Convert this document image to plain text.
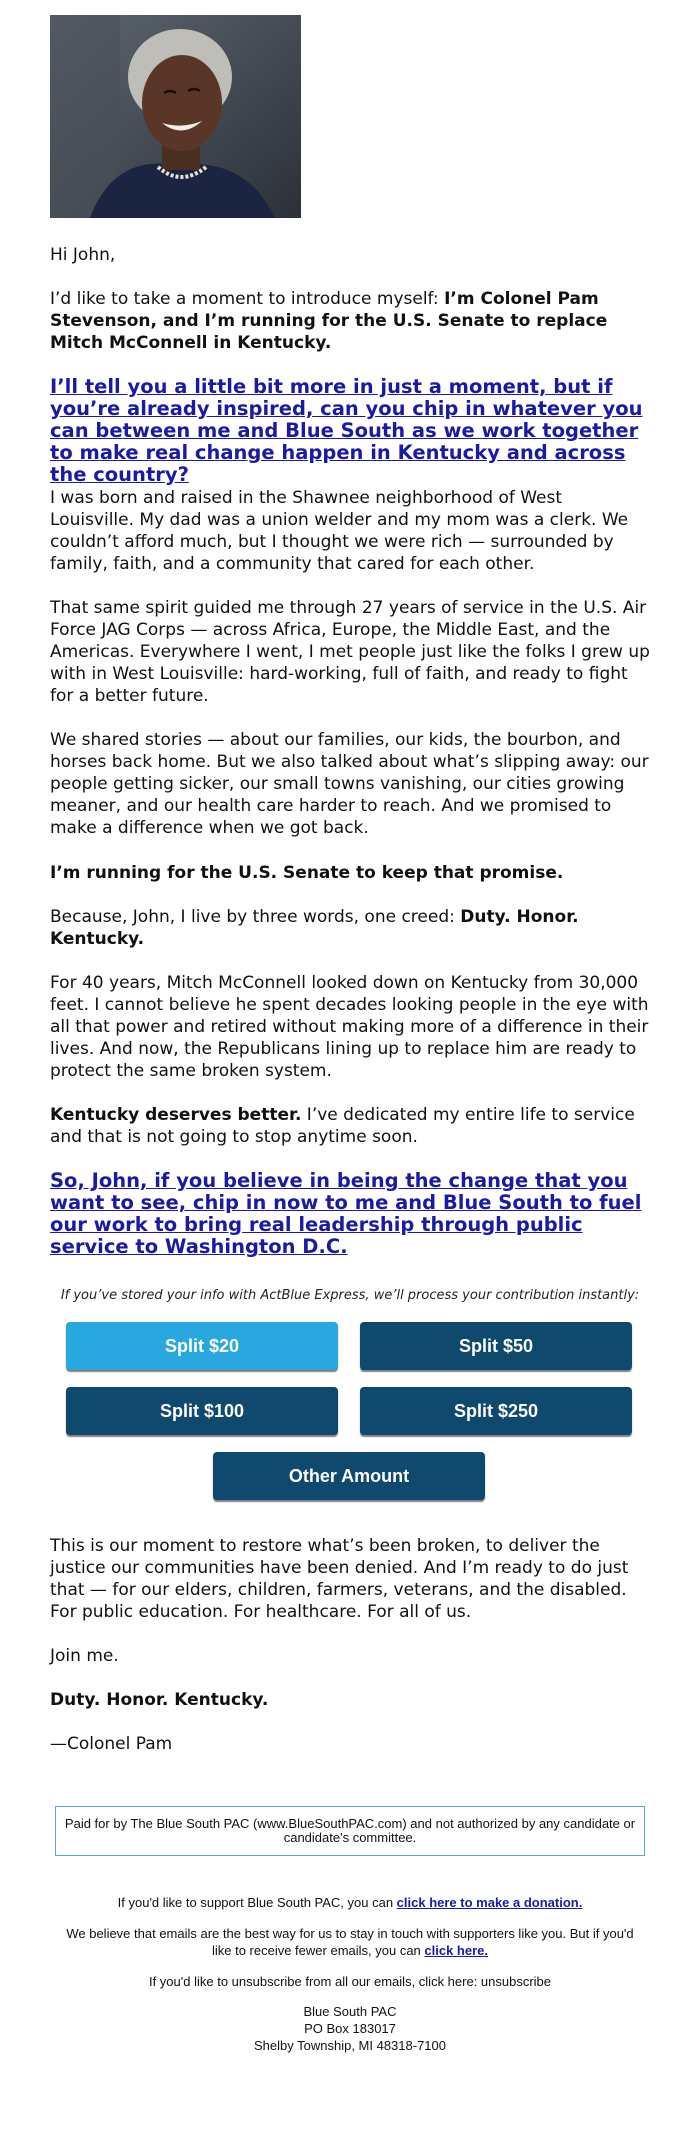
Hi John,

I’d like to take a moment to introduce myself: I’m Colonel Pam Stevenson, and I’m running for the U.S. Senate to replace Mitch McConnell in Kentucky.

I’ll tell you a little bit more in just a moment, but if you’re already inspired, can you chip in whatever you can between me and Blue South as we work together to make real change happen in Kentucky and across the country?

I was born and raised in the Shawnee neighborhood of West Louisville. My dad was a union welder and my mom was a clerk. We couldn’t afford much, but I thought we were rich — surrounded by family, faith, and a community that cared for each other.

That same spirit guided me through 27 years of service in the U.S. Air Force JAG Corps — across Africa, Europe, the Middle East, and the Americas. Everywhere I went, I met people just like the folks I grew up with in West Louisville: hard-working, full of faith, and ready to fight for a better future.

We shared stories — about our families, our kids, the bourbon, and horses back home. But we also talked about what’s slipping away: our people getting sicker, our small towns vanishing, our cities growing meaner, and our health care harder to reach. And we promised to make a difference when we got back.

I’m running for the U.S. Senate to keep that promise.

Because, John, I live by three words, one creed: Duty. Honor. Kentucky.

For 40 years, Mitch McConnell looked down on Kentucky from 30,000 feet. I cannot believe he spent decades looking people in the eye with all that power and retired without making more of a difference in their lives. And now, the Republicans lining up to replace him are ready to protect the same broken system.

Kentucky deserves better. I’ve dedicated my entire life to service and that is not going to stop anytime soon.

So, John, if you believe in being the change that you want to see, chip in now to me and Blue South to fuel our work to bring real leadership through public service to Washington D.C.

If you’ve stored your info with ActBlue Express, we’ll process your contribution instantly:
Split $20	Split $50
Split $100	Split $250
Other Amount

This is our moment to restore what’s been broken, to deliver the justice our communities have been denied. And I’m ready to do just that — for our elders, children, farmers, veterans, and the disabled. For public education. For healthcare. For all of us.

Join me.

Duty. Honor. Kentucky.

—Colonel Pam

Paid for by The Blue South PAC (www.BlueSouthPAC.com) and not authorized by any candidate or candidate's committee.
If you'd like to support Blue South PAC, you can click here to make a donation.
We believe that emails are the best way for us to stay in touch with supporters like you. But if you'd like to receive fewer emails, you can click here.
If you'd like to unsubscribe from all our emails, click here: unsubscribe
Blue South PAC
PO Box 183017
Shelby Township, MI 48318-7100
